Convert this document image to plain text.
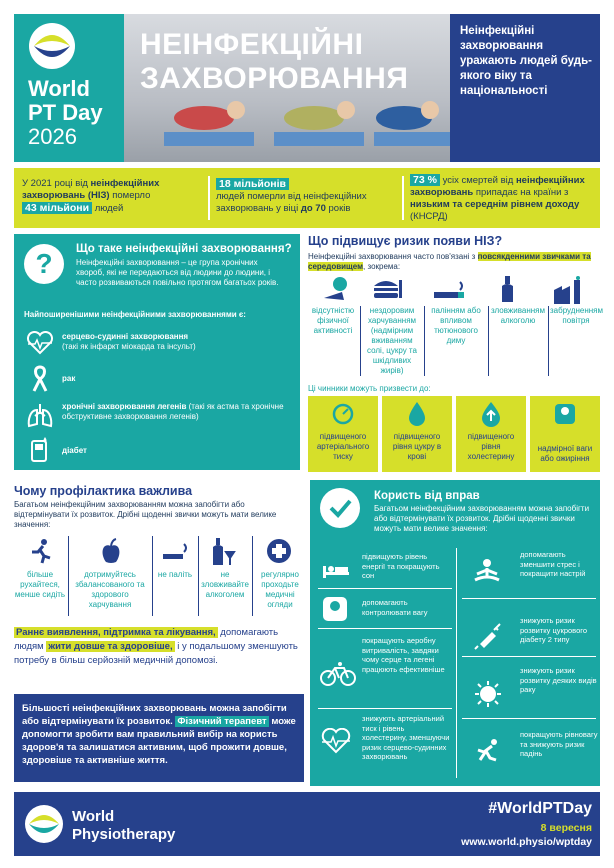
World
PT Day
2026
НЕІНФЕКЦІЙНІ
ЗАХВОРЮВАННЯ
Неінфекційні захворювання уражають людей будь-якого віку та національності
У 2021 році від неінфекційних захворювань (НІЗ) померло
43 мільйони людей
18 мільйонів
людей померли від неінфекційних захворювань у віці до 70 років
73 % усіх смертей від неінфекційних захворювань припадає на країни з низьким та середнім рівнем доходу (КНСРД)
?	Що таке неінфекційні захворювання?
Неінфекційні захворювання – це група хронічних хвороб, які не передаються від людини до людини, і часто розвиваються повільно протягом багатьох років.
Найпоширенішими неінфекційними захворюваннями є:
серцево-судинні захворювання
(такі як інфаркт міокарда та інсульт)
рак
хронічні захворювання легенів (такі як астма та хронічне обструктивне захворювання легенів)
діабет
Що підвищує ризик появи НІЗ?
Неінфекційні захворювання часто пов'язані з повсякденними звичками та середовищем, зокрема:
відсутністю фізичної активності
нездоровим харчуванням (надмірним вживанням солі, цукру та шкідливих жирів)
палінням або впливом тютюнового диму
зловживанням алкоголю
забрудненням повітря
Ці чинники можуть призвести до:
підвищеного артеріального тиску
підвищеного рівня цукру в крові
підвищеного рівня холестерину
надмірної ваги або ожиріння
Чому профілактика важлива
Багатьом неінфекційним захворюванням можна запобігти або відтермінувати їх розвиток. Дрібні щоденні звички можуть мати велике значення:
більше рухайтеся, менше сидіть
дотримуйтесь збалансованого та здорового харчування
не паліть	не зловживайте алкоголем
регулярно проходьте медичні огляди
Раннє виявлення, підтримка та лікування, допомагають людям жити довше та здоровіше, і у подальшому зменшують потребу в більш серйозній медичній допомозі.
Більшості неінфекційних захворювань можна запобігти або відтермінувати їх розвиток. Фізичний терапевт може допомогти зробити вам правильний вибір на користь здоров'я та залишатися активним, щоб прожити довше, здоровіше та активніше життя.
Користь від вправ
Багатьом неінфекційним захворюванням можна запобігти або відтермінувати їх розвиток. Дрібні щоденні звички можуть мати велике значення:
підвищують рівень енергії та покращують сон
допомагають контролювати вагу
покращують аеробну витривалість, завдяки чому серце та легені працюють ефективніше
знижують артеріальний тиск і рівень холестерину, зменшуючи ризик серцево-судинних захворювань
допомагають зменшити стрес і покращити настрій
знижують ризик розвитку цукрового діабету 2 типу
знижують ризик розвитку деяких видів раку
покращують рівновагу та знижують ризик падінь
World
Physiotherapy
#WorldPTDay
8 вересня
www.world.physio/wptday
